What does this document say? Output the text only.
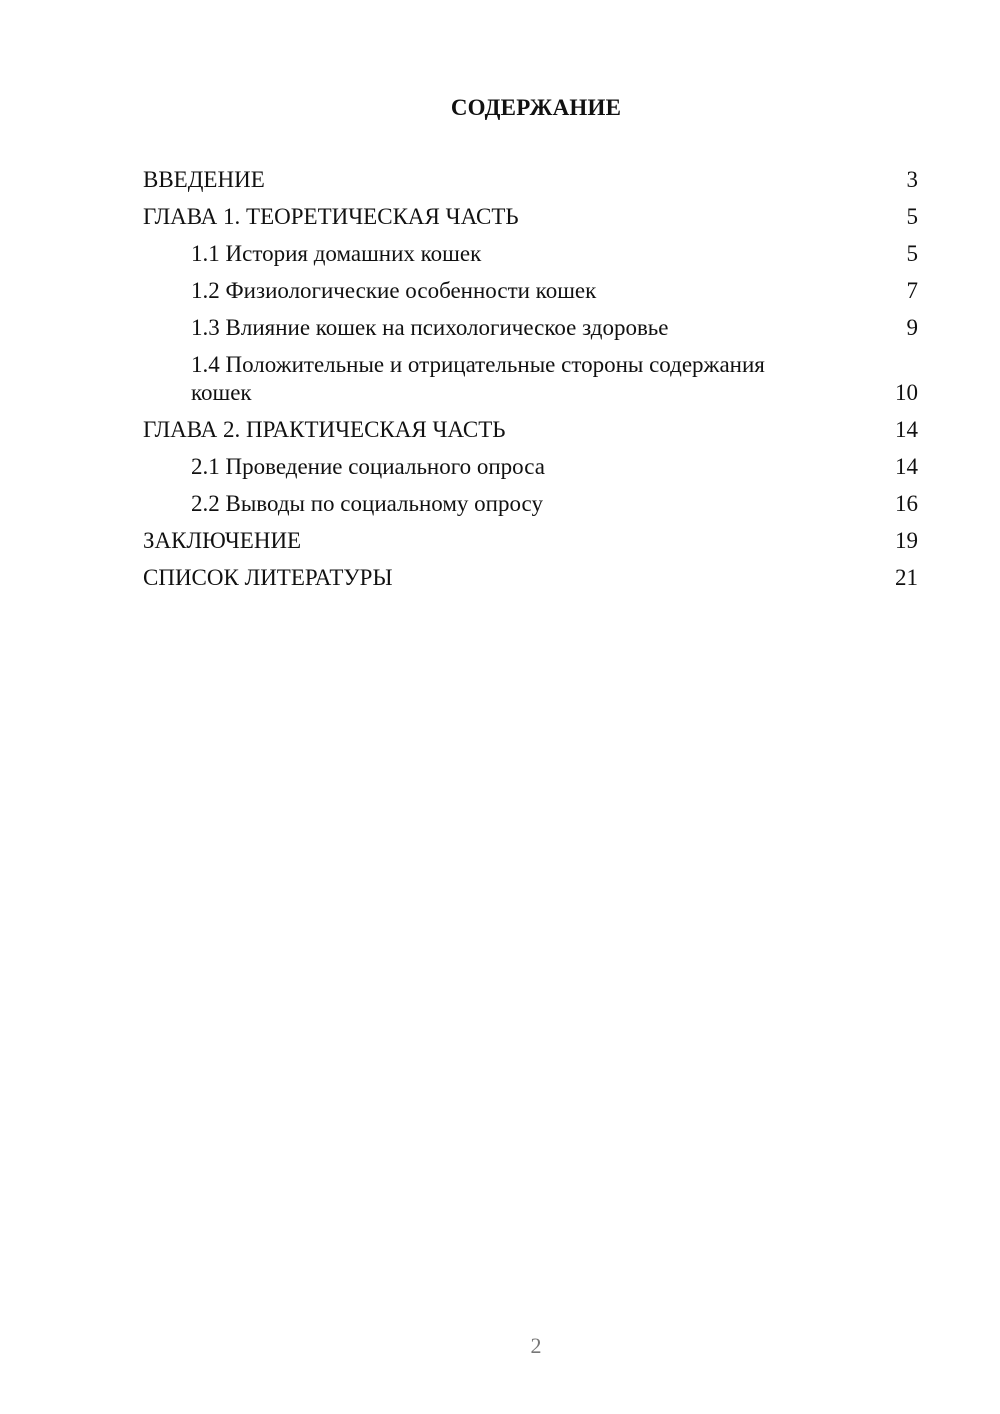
СОДЕРЖАНИЕ
ВВЕДЕНИЕ	3
ГЛАВА 1. ТЕОРЕТИЧЕСКАЯ ЧАСТЬ	5
1.1 История домашних кошек	5
1.2 Физиологические особенности кошек	7
1.3 Влияние кошек на психологическое здоровье	9
1.4 Положительные и отрицательные стороны содержания кошек	10
ГЛАВА 2. ПРАКТИЧЕСКАЯ ЧАСТЬ	14
2.1 Проведение социального опроса	14
2.2 Выводы по социальному опросу	16
ЗАКЛЮЧЕНИЕ	19
СПИСОК ЛИТЕРАТУРЫ	21
2
